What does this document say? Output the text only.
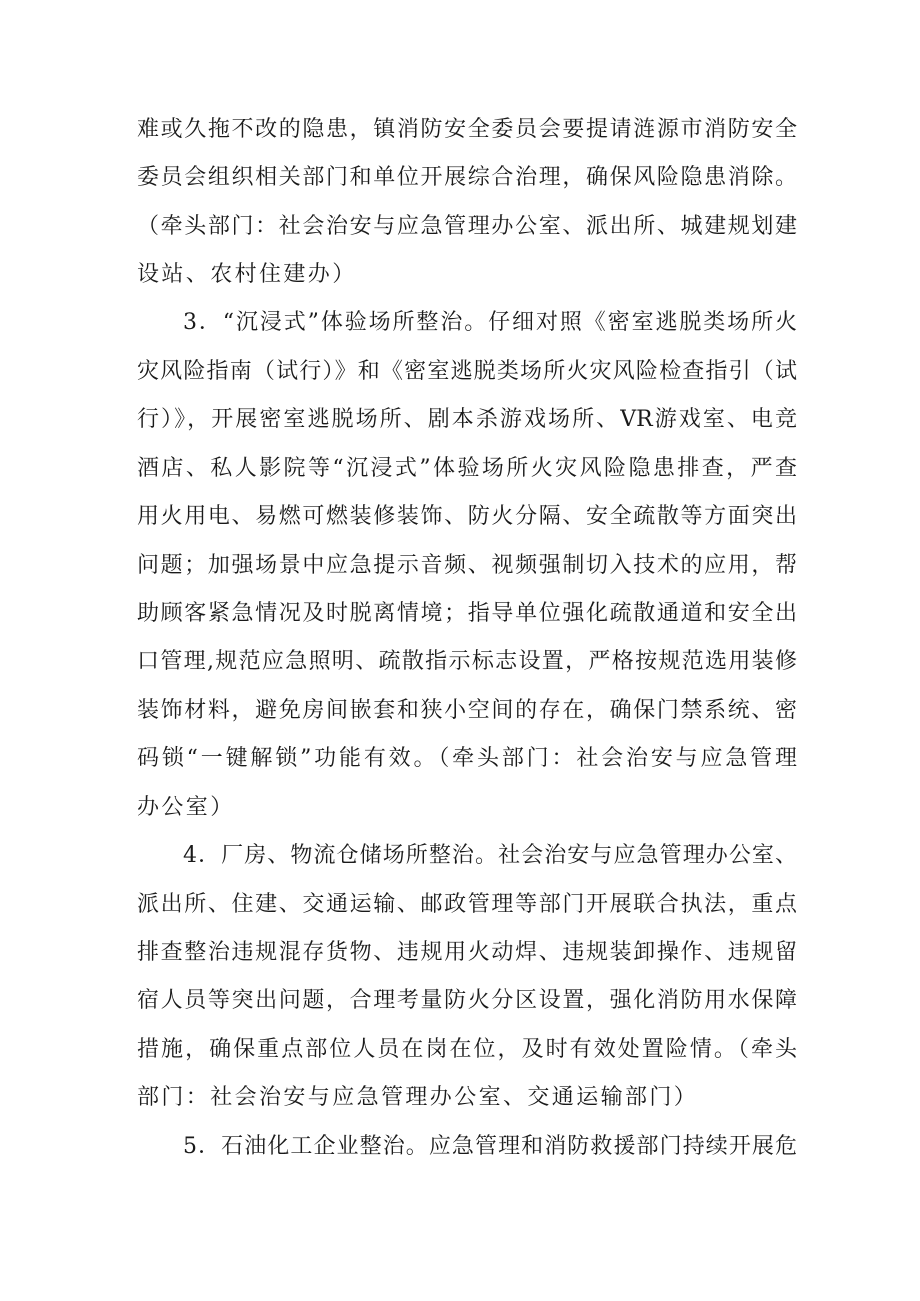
难或久拖不改的隐患，镇消防安全委员会要提请涟源市消防安全
委员会组织相关部门和单位开展综合治理，确保风险隐患消除。
（牵头部门：社会治安与应急管理办公室、派出所、城建规划建
设站、农村住建办）
3．“沉浸式”体验场所整治。仔细对照《密室逃脱类场所火
灾风险指南（试行）》和《密室逃脱类场所火灾风险检查指引（试
行）》，开展密室逃脱场所、剧本杀游戏场所、VR游戏室、电竞
酒店、私人影院等“沉浸式”体验场所火灾风险隐患排查，严查
用火用电、易燃可燃装修装饰、防火分隔、安全疏散等方面突出
问题；加强场景中应急提示音频、视频强制切入技术的应用，帮
助顾客紧急情况及时脱离情境；指导单位强化疏散通道和安全出
口管理,规范应急照明、疏散指示标志设置，严格按规范选用装修
装饰材料，避免房间嵌套和狭小空间的存在，确保门禁系统、密
码锁“一键解锁”功能有效。（牵头部门：社会治安与应急管理
办公室）
4．厂房、物流仓储场所整治。社会治安与应急管理办公室、
派出所、住建、交通运输、邮政管理等部门开展联合执法，重点
排查整治违规混存货物、违规用火动焊、违规装卸操作、违规留
宿人员等突出问题，合理考量防火分区设置，强化消防用水保障
措施，确保重点部位人员在岗在位，及时有效处置险情。（牵头
部门：社会治安与应急管理办公室、交通运输部门）
5．石油化工企业整治。应急管理和消防救援部门持续开展危
